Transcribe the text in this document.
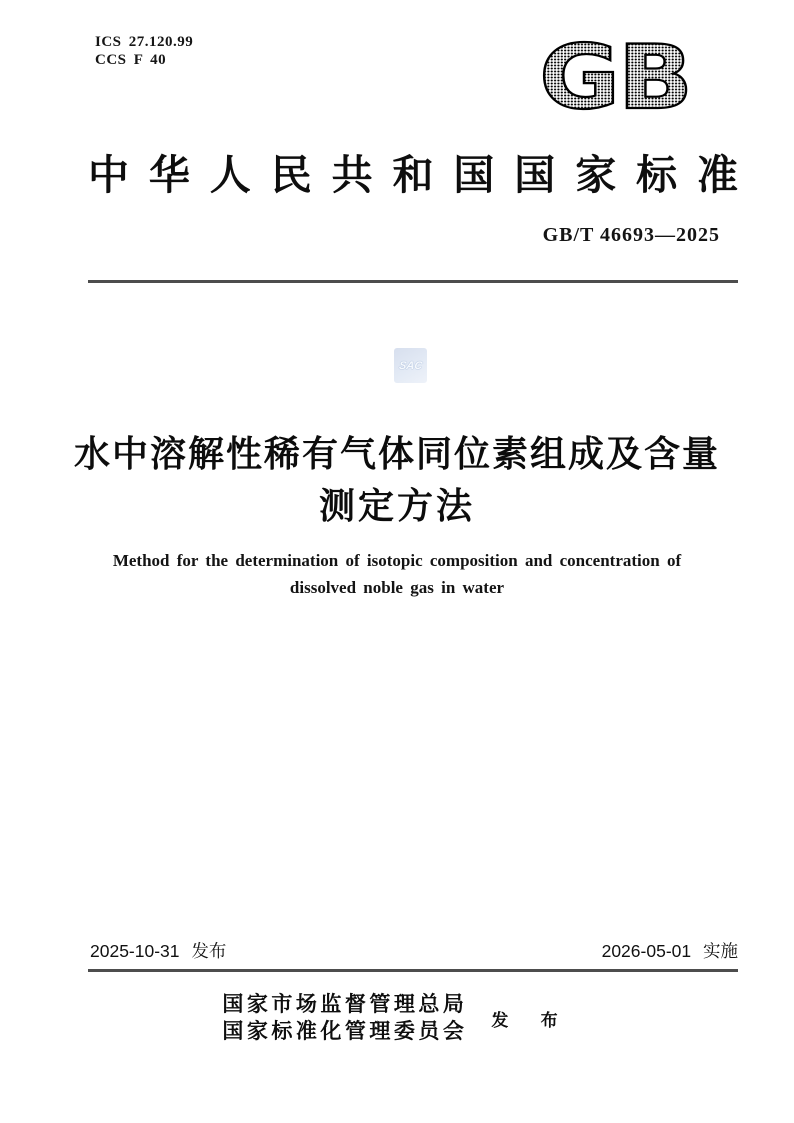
ICS 27.120.99
CCS F 40	GB
中华人民共和国国家标准
GB/T 46693—2025
SAC
水中溶解性稀有气体同位素组成及含量
测定方法
Method for the determination of isotopic composition and concentration of
dissolved noble gas in water
2025-10-31 发布	2026-05-01 实施
国家市场监督管理总局
国家标准化管理委员会 发 布
